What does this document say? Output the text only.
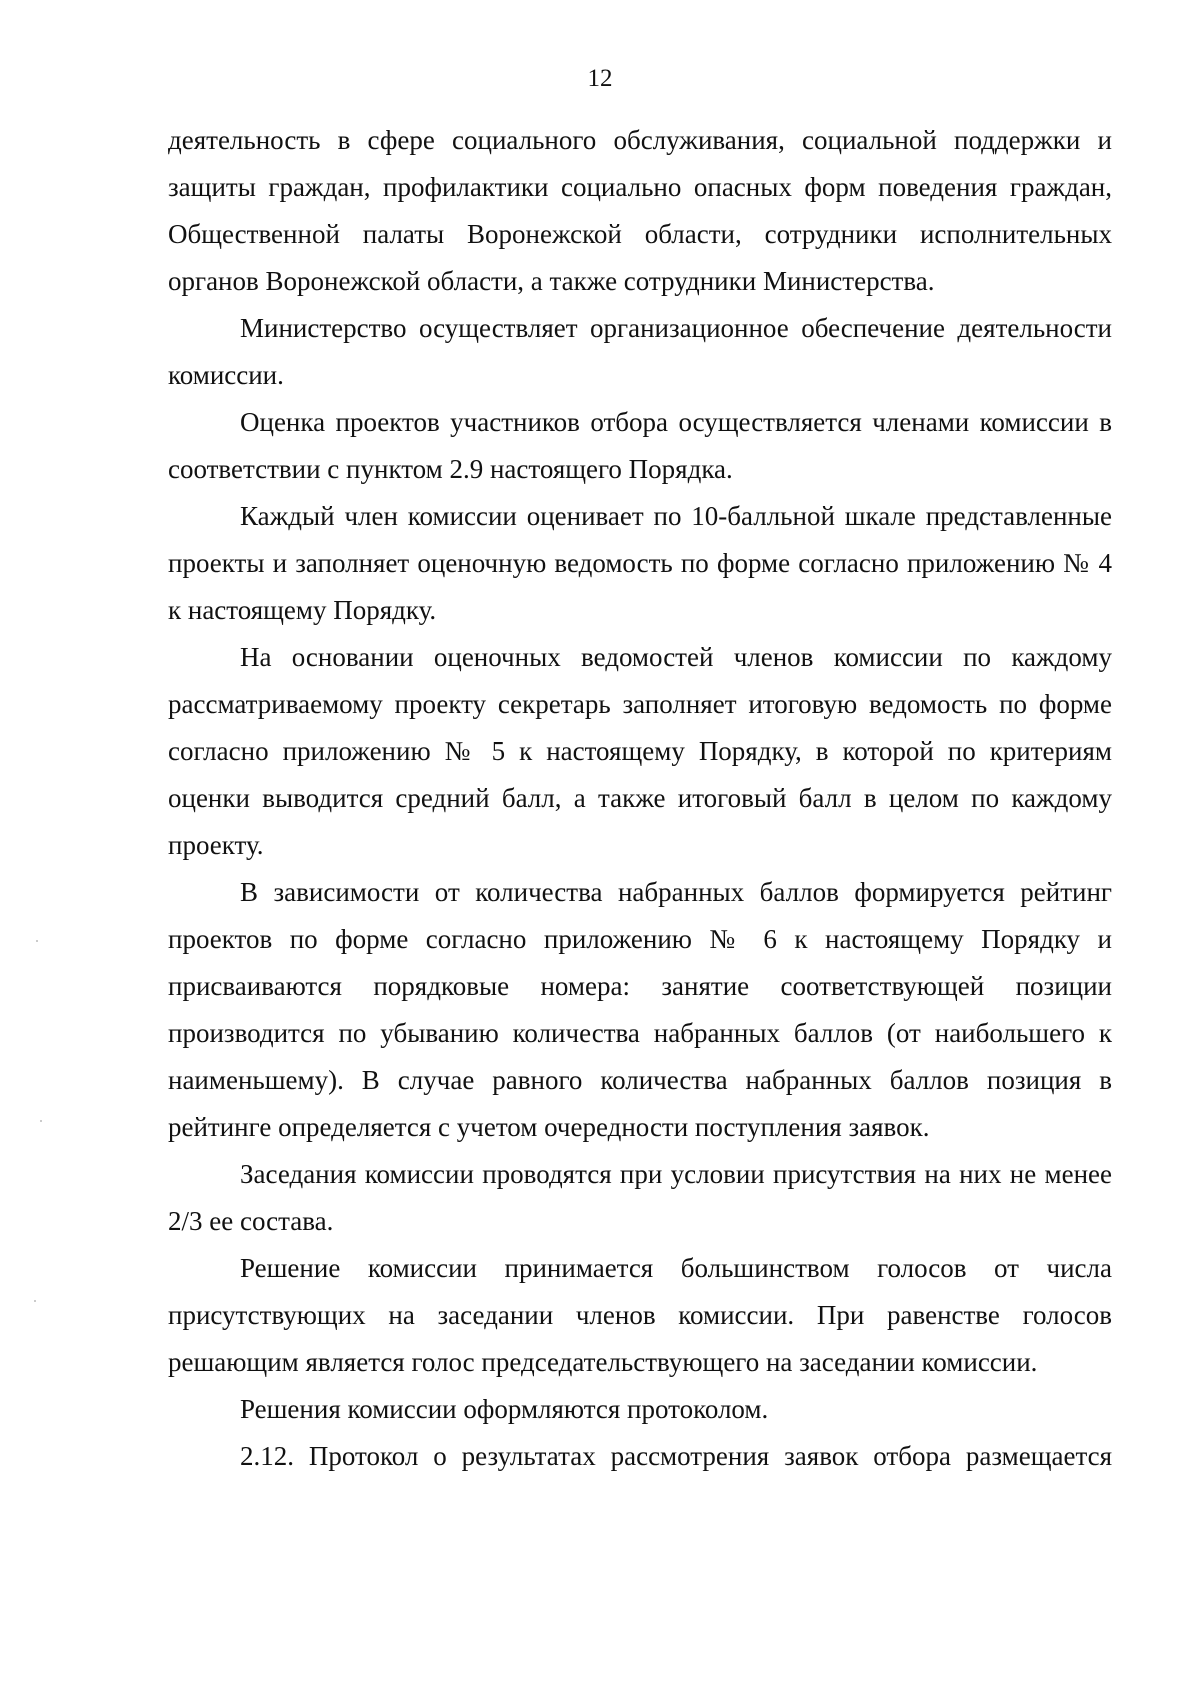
12

деятельность в сфере социального обслуживания, социальной поддержки и защиты граждан, профилактики социально опасных форм поведения граждан, Общественной палаты Воронежской области, сотрудники исполнительных органов Воронежской области, а также сотрудники Министерства.

Министерство осуществляет организационное обеспечение деятельности комиссии.

Оценка проектов участников отбора осуществляется членами комиссии в соответствии с пунктом 2.9 настоящего Порядка.

Каждый член комиссии оценивает по 10-балльной шкале представленные проекты и заполняет оценочную ведомость по форме согласно приложению № 4 к настоящему Порядку.

На основании оценочных ведомостей членов комиссии по каждому рассматриваемому проекту секретарь заполняет итоговую ведомость по форме согласно приложению № 5 к настоящему Порядку, в которой по критериям оценки выводится средний балл, а также итоговый балл в целом по каждому проекту.

В зависимости от количества набранных баллов формируется рейтинг проектов по форме согласно приложению № 6 к настоящему Порядку и присваиваются порядковые номера: занятие соответствующей позиции производится по убыванию количества набранных баллов (от наибольшего к наименьшему). В случае равного количества набранных баллов позиция в рейтинге определяется с учетом очередности поступления заявок.

Заседания комиссии проводятся при условии присутствия на них не менее 2/3 ее состава.

Решение комиссии принимается большинством голосов от числа присутствующих на заседании членов комиссии. При равенстве голосов решающим является голос председательствующего на заседании комиссии.

Решения комиссии оформляются протоколом.

2.12. Протокол о результатах рассмотрения заявок отбора размещается
